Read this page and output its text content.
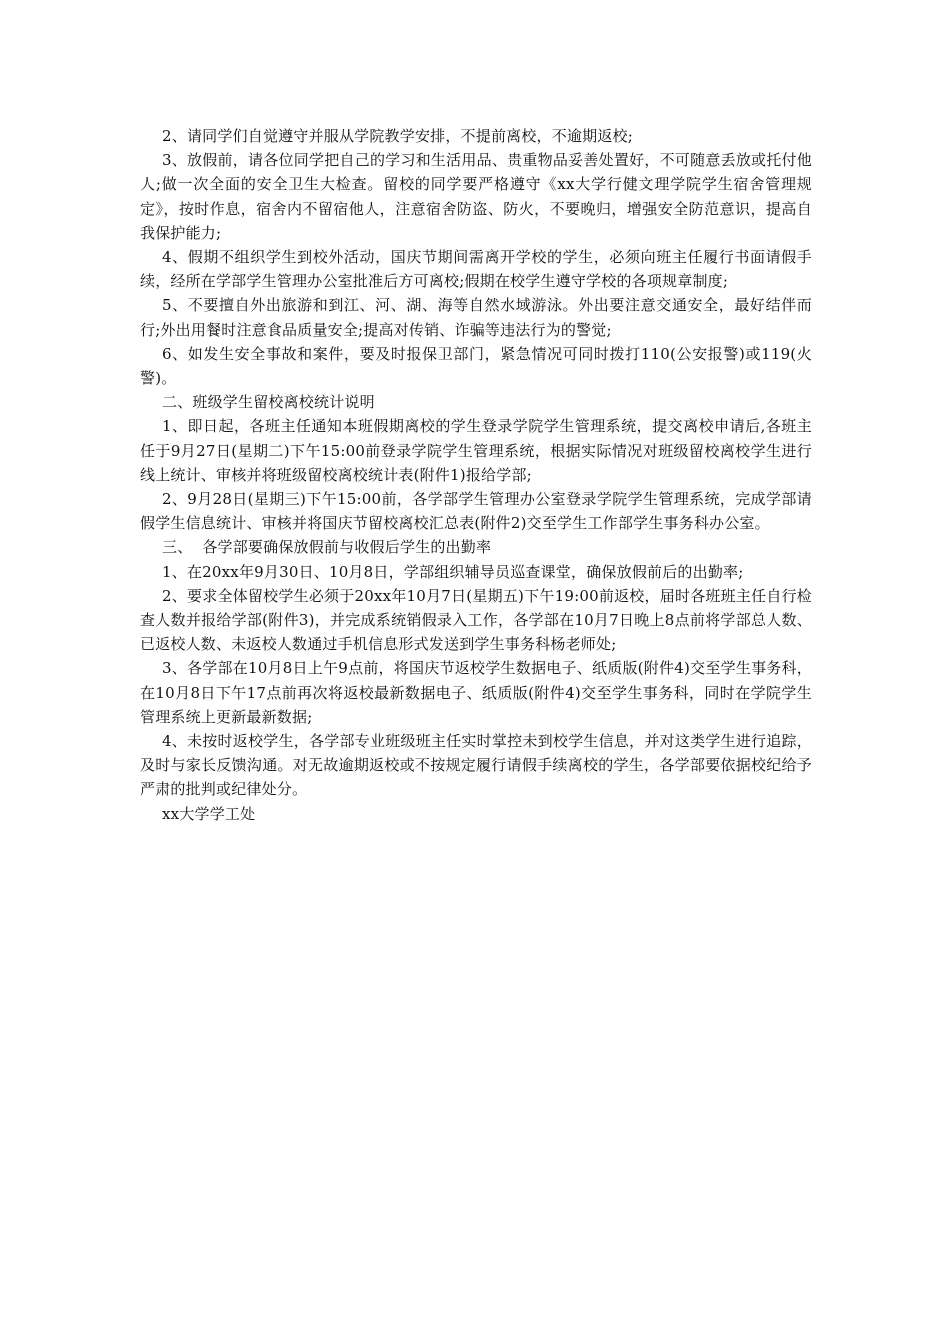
2、请同学们自觉遵守并服从学院教学安排，不提前离校，不逾期返校;

3、放假前，请各位同学把自己的学习和生活用品、贵重物品妥善处置好，不可随意丢放或托付他人;做一次全面的安全卫生大检查。留校的同学要严格遵守《xx大学行健文理学院学生宿舍管理规定》，按时作息，宿舍内不留宿他人，注意宿舍防盗、防火，不要晚归，增强安全防范意识，提高自我保护能力;

4、假期不组织学生到校外活动，国庆节期间需离开学校的学生，必须向班主任履行书面请假手续，经所在学部学生管理办公室批准后方可离校;假期在校学生遵守学校的各项规章制度;

5、不要擅自外出旅游和到江、河、湖、海等自然水域游泳。外出要注意交通安全，最好结伴而行;外出用餐时注意食品质量安全;提高对传销、诈骗等违法行为的警觉;

6、如发生安全事故和案件，要及时报保卫部门，紧急情况可同时拨打110(公安报警)或119(火警)。

二、班级学生留校离校统计说明

1、即日起，各班主任通知本班假期离校的学生登录学院学生管理系统，提交离校申请后,各班主任于9月27日(星期二)下午15:00前登录学院学生管理系统，根据实际情况对班级留校离校学生进行线上统计、审核并将班级留校离校统计表(附件1)报给学部;

2、9月28日(星期三)下午15:00前，各学部学生管理办公室登录学院学生管理系统，完成学部请假学生信息统计、审核并将国庆节留校离校汇总表(附件2)交至学生工作部学生事务科办公室。

三、  各学部要确保放假前与收假后学生的出勤率

1、在20xx年9月30日、10月8日，学部组织辅导员巡查课堂，确保放假前后的出勤率;

2、要求全体留校学生必须于20xx年10月7日(星期五)下午19:00前返校，届时各班班主任自行检查人数并报给学部(附件3)，并完成系统销假录入工作，各学部在10月7日晚上8点前将学部总人数、已返校人数、未返校人数通过手机信息形式发送到学生事务科杨老师处;

3、各学部在10月8日上午9点前，将国庆节返校学生数据电子、纸质版(附件4)交至学生事务科，在10月8日下午17点前再次将返校最新数据电子、纸质版(附件4)交至学生事务科，同时在学院学生管理系统上更新最新数据;

4、未按时返校学生，各学部专业班级班主任实时掌控未到校学生信息，并对这类学生进行追踪，及时与家长反馈沟通。对无故逾期返校或不按规定履行请假手续离校的学生，各学部要依据校纪给予严肃的批判或纪律处分。

xx大学学工处
